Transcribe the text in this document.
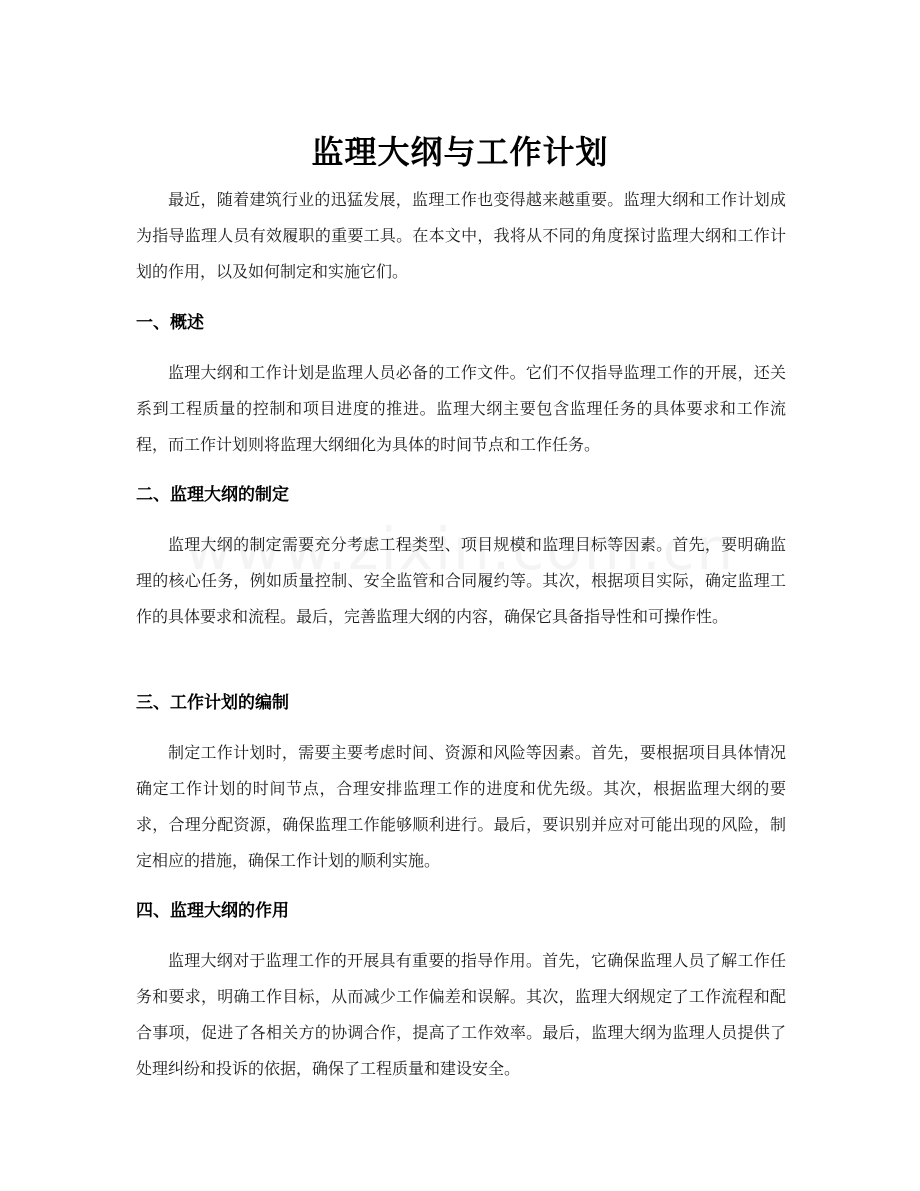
监理大纲与工作计划

最近，随着建筑行业的迅猛发展，监理工作也变得越来越重要。监理大纲和工作计划成为指导监理人员有效履职的重要工具。在本文中，我将从不同的角度探讨监理大纲和工作计划的作用，以及如何制定和实施它们。

一、概述

监理大纲和工作计划是监理人员必备的工作文件。它们不仅指导监理工作的开展，还关系到工程质量的控制和项目进度的推进。监理大纲主要包含监理任务的具体要求和工作流程，而工作计划则将监理大纲细化为具体的时间节点和工作任务。

二、监理大纲的制定

监理大纲的制定需要充分考虑工程类型、项目规模和监理目标等因素。首先，要明确监理的核心任务，例如质量控制、安全监管和合同履约等。其次，根据项目实际，确定监理工作的具体要求和流程。最后，完善监理大纲的内容，确保它具备指导性和可操作性。

三、工作计划的编制

制定工作计划时，需要主要考虑时间、资源和风险等因素。首先，要根据项目具体情况确定工作计划的时间节点，合理安排监理工作的进度和优先级。其次，根据监理大纲的要求，合理分配资源，确保监理工作能够顺利进行。最后，要识别并应对可能出现的风险，制定相应的措施，确保工作计划的顺利实施。

四、监理大纲的作用

监理大纲对于监理工作的开展具有重要的指导作用。首先，它确保监理人员了解工作任务和要求，明确工作目标，从而减少工作偏差和误解。其次，监理大纲规定了工作流程和配合事项，促进了各相关方的协调合作，提高了工作效率。最后，监理大纲为监理人员提供了处理纠纷和投诉的依据，确保了工程质量和建设安全。
